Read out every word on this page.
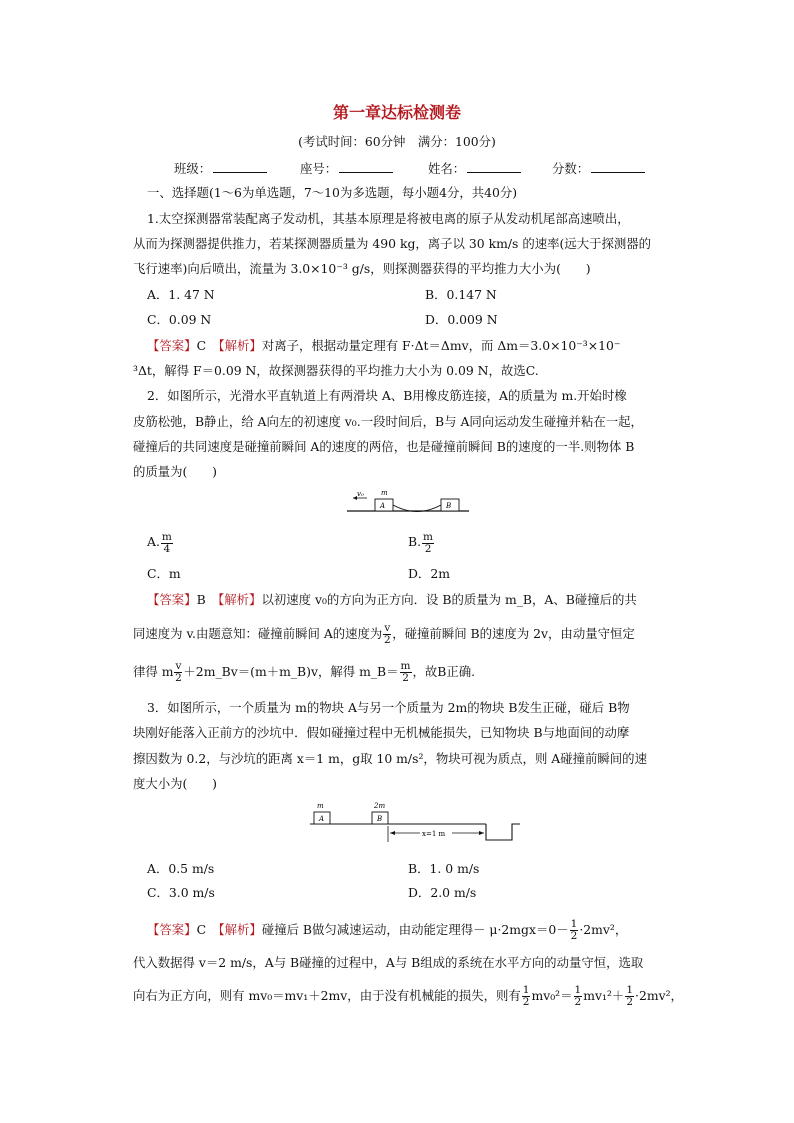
第一章达标检测卷
(考试时间：60分钟　满分：100分)
班级：	座号：	姓名：	分数：
一、选择题(1～6为单选题，7～10为多选题，每小题4分，共40分)
1.太空探测器常装配离子发动机，其基本原理是将被电离的原子从发动机尾部高速喷出，
从而为探测器提供推力，若某探测器质量为 490 kg，离子以 30 km/s 的速率(远大于探测器的
飞行速率)向后喷出，流量为 3.0×10⁻³ g/s，则探测器获得的平均推力大小为(　　)
A．1. 47 N	B．0.147 N
C．0.09 N	D．0.009 N
【答案】C　 【解析】对离子，根据动量定理有 F·Δt＝Δmv，而 Δm＝3.0×10⁻³×10⁻
³Δt，解得 F＝0.09 N，故探测器获得的平均推力大小为 0.09 N，故选C.
2．如图所示，光滑水平直轨道上有两滑块 A、B用橡皮筋连接，A的质量为 m.开始时橡
皮筋松弛，B静止，给 A向左的初速度 v₀.一段时间后，B与 A同向运动发生碰撞并粘在一起，
碰撞后的共同速度是碰撞前瞬间 A的速度的两倍，也是碰撞前瞬间 B的速度的一半.则物体 B
的质量为(　　)
v₀ m
A	B
A. $\frac{m}{4}$	B. $\frac{m}{2}$
C．m	D．2m
【答案】B　 【解析】以初速度 v₀的方向为正方向．设 B的质量为 m_B，A、B碰撞后的共
同速度为 v.由题意知：碰撞前瞬间 A的速度为 $\frac{v}{2}$ ，碰撞前瞬间 B的速度为 2v，由动量守恒定
律得 m $\frac{v}{2}$ ＋2m_Bv＝(m＋m_B)v，解得 m_B＝ $\frac{m}{2}$ ，故B正确.
3．如图所示，一个质量为 m的物块 A与另一个质量为 2m的物块 B发生正碰，碰后 B物
块刚好能落入正前方的沙坑中．假如碰撞过程中无机械能损失，已知物块 B与地面间的动摩
擦因数为 0.2，与沙坑的距离 x＝1 m，g取 10 m/s²，物块可视为质点，则 A碰撞前瞬间的速
度大小为(　　)
m
A
2m
B
x=1 m
A．0.5 m/s	B．1. 0 m/s
C．3.0 m/s	D．2.0 m/s
【答案】C　 【解析】碰撞后 B做匀减速运动，由动能定理得－ $\mu\cdot 2mgx=0- \frac{1}{2} \cdot 2mv^2$，
代入数据得 v＝2 m/s，A与 B碰撞的过程中，A与 B组成的系统在水平方向的动量守恒，选取
向右为正方向，则有 mv₀＝mv₁＋2mv，由于没有机械能的损失，则有 $\frac{1}{2} mv_0^2= \frac{1}{2} mv_1^2+ \frac{1}{2} \cdot 2mv^2$，
